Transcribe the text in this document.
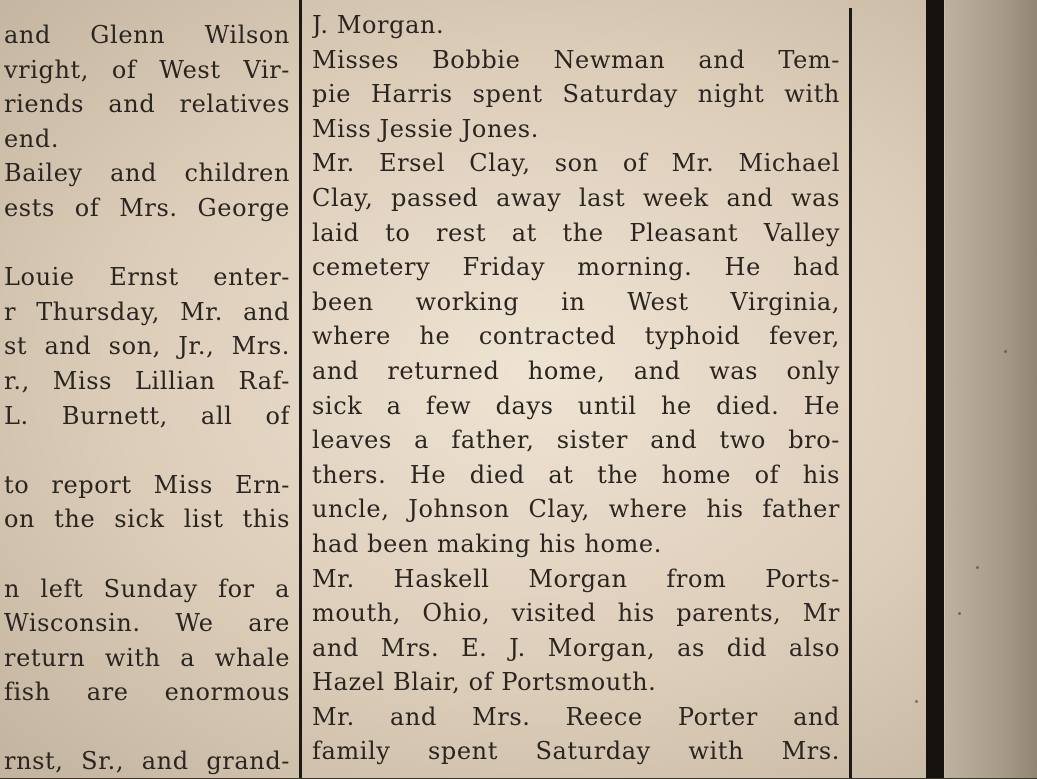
and Glenn Wilson
vright, of West Vir-
riends and relatives
end.
Bailey and children
ests of Mrs. George
Louie Ernst enter-
r Thursday, Mr. and
st and son, Jr., Mrs.
r., Miss Lillian Raf-
L. Burnett, all of
to report Miss Ern-
on the sick list this
n left Sunday for a
Wisconsin. We are
return with a whale
fish are enormous
rnst, Sr., and grand-
J. Morgan.
Misses Bobbie Newman and Tem-
pie Harris spent Saturday night with
Miss Jessie Jones.
Mr. Ersel Clay, son of Mr. Michael
Clay, passed away last week and was
laid to rest at the Pleasant Valley
cemetery Friday morning. He had
been working in West Virginia,
where he contracted typhoid fever,
and returned home, and was only
sick a few days until he died. He
leaves a father, sister and two bro-
thers. He died at the home of his
uncle, Johnson Clay, where his father
had been making his home.
Mr. Haskell Morgan from Ports-
mouth, Ohio, visited his parents, Mr
and Mrs. E. J. Morgan, as did also
Hazel Blair, of Portsmouth.
Mr. and Mrs. Reece Porter and
family spent Saturday with Mrs.
